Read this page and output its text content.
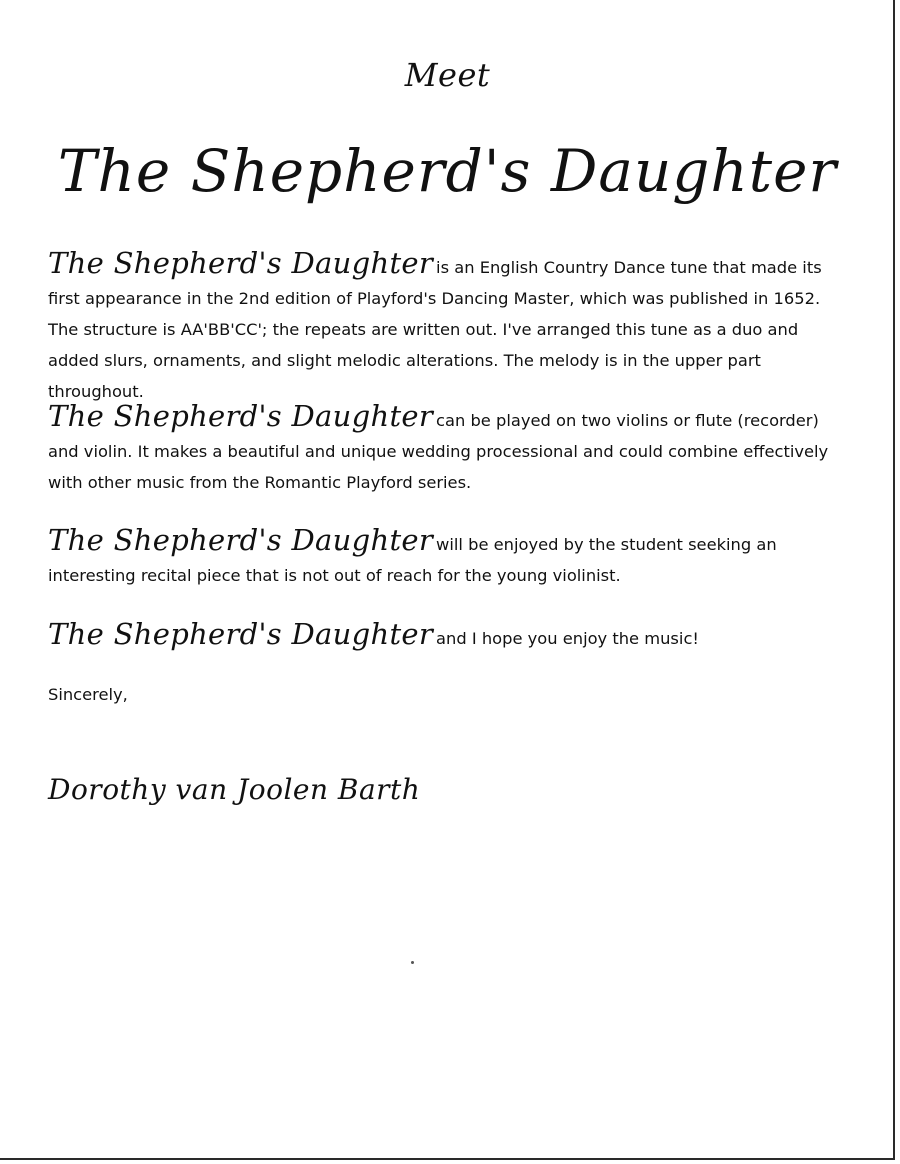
Meet
The Shepherd's Daughter

The Shepherd's Daughter is an English Country Dance tune that made its first appearance in the 2nd edition of Playford's Dancing Master, which was published in 1652. The structure is AA'BB'CC'; the repeats are written out. I've arranged this tune as a duo and added slurs, ornaments, and slight melodic alterations. The melody is in the upper part throughout.

The Shepherd's Daughter can be played on two violins or flute (recorder) and violin. It makes a beautiful and unique wedding processional and could combine effectively with other music from the Romantic Playford series.

The Shepherd's Daughter will be enjoyed by the student seeking an interesting recital piece that is not out of reach for the young violinist.

The Shepherd's Daughter and I hope you enjoy the music!

Sincerely,
Dorothy van Joolen Barth
